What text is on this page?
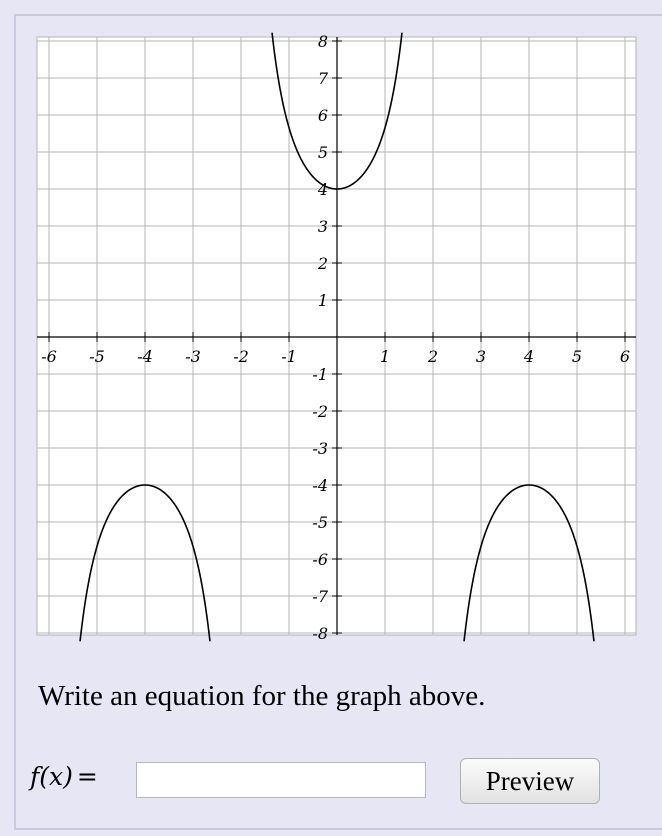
-6 -5 -4 -3 -2 -1	1 2 3 4 5 6
8
7
6
5
4
3
2
1
-1
-2
-3
-4
-5
-6
-7
-8
Write an equation for the graph above.
f(x) =	Preview
